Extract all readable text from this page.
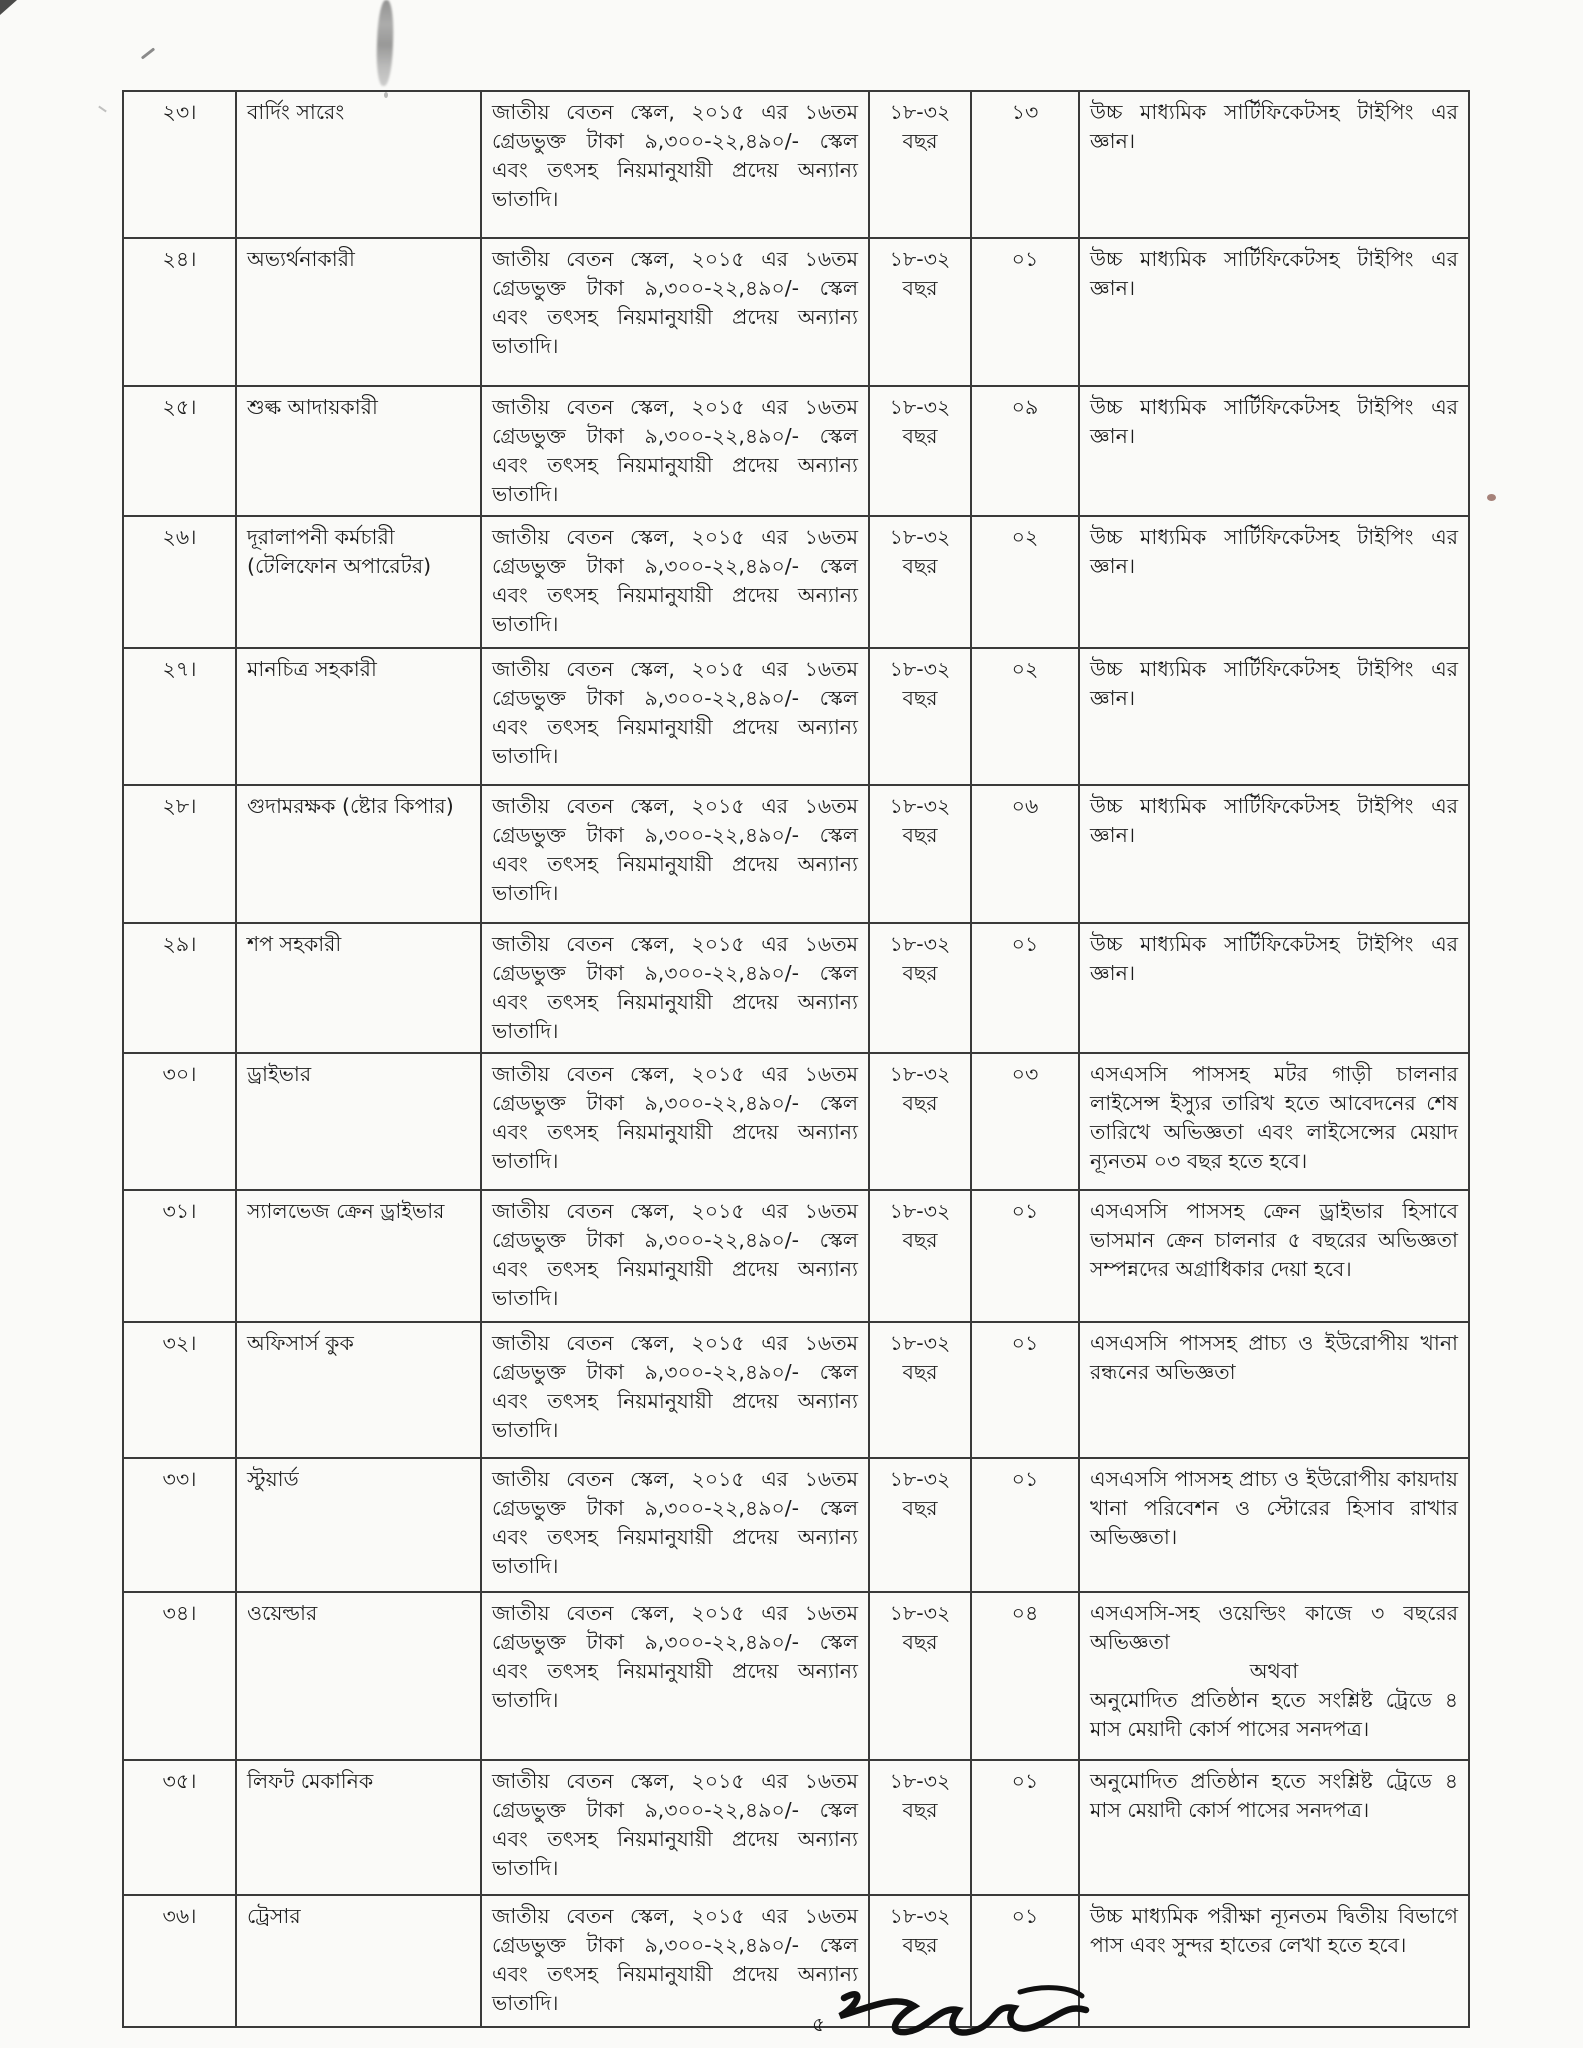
২৩।	বার্দিং সারেং	জাতীয় বেতন স্কেল, ২০১৫ এর ১৬তম গ্রেডভুক্ত টাকা ৯,৩০০-২২,৪৯০/- স্কেল এবং তৎসহ নিয়মানুযায়ী প্রদেয় অন্যান্য ভাতাদি।	১৮-৩২ বছর	১৩	উচ্চ মাধ্যমিক সার্টিফিকেটসহ টাইপিং এর জ্ঞান।

২৪।	অভ্যর্থনাকারী	জাতীয় বেতন স্কেল, ২০১৫ এর ১৬তম গ্রেডভুক্ত টাকা ৯,৩০০-২২,৪৯০/- স্কেল এবং তৎসহ নিয়মানুযায়ী প্রদেয় অন্যান্য ভাতাদি।	১৮-৩২ বছর	০১	উচ্চ মাধ্যমিক সার্টিফিকেটসহ টাইপিং এর জ্ঞান।

২৫।	শুল্ক আদায়কারী	জাতীয় বেতন স্কেল, ২০১৫ এর ১৬তম গ্রেডভুক্ত টাকা ৯,৩০০-২২,৪৯০/- স্কেল এবং তৎসহ নিয়মানুযায়ী প্রদেয় অন্যান্য ভাতাদি।	১৮-৩২ বছর	০৯	উচ্চ মাধ্যমিক সার্টিফিকেটসহ টাইপিং এর জ্ঞান।

২৬।	দূরালাপনী কর্মচারী (টেলিফোন অপারেটর)	জাতীয় বেতন স্কেল, ২০১৫ এর ১৬তম গ্রেডভুক্ত টাকা ৯,৩০০-২২,৪৯০/- স্কেল এবং তৎসহ নিয়মানুযায়ী প্রদেয় অন্যান্য ভাতাদি।	১৮-৩২ বছর	০২	উচ্চ মাধ্যমিক সার্টিফিকেটসহ টাইপিং এর জ্ঞান।

২৭।	মানচিত্র সহকারী	জাতীয় বেতন স্কেল, ২০১৫ এর ১৬তম গ্রেডভুক্ত টাকা ৯,৩০০-২২,৪৯০/- স্কেল এবং তৎসহ নিয়মানুযায়ী প্রদেয় অন্যান্য ভাতাদি।	১৮-৩২ বছর	০২	উচ্চ মাধ্যমিক সার্টিফিকেটসহ টাইপিং এর জ্ঞান।

২৮।	গুদামরক্ষক (ষ্টোর কিপার)	জাতীয় বেতন স্কেল, ২০১৫ এর ১৬তম গ্রেডভুক্ত টাকা ৯,৩০০-২২,৪৯০/- স্কেল এবং তৎসহ নিয়মানুযায়ী প্রদেয় অন্যান্য ভাতাদি।	১৮-৩২ বছর	০৬	উচ্চ মাধ্যমিক সার্টিফিকেটসহ টাইপিং এর জ্ঞান।

২৯।	শপ সহকারী	জাতীয় বেতন স্কেল, ২০১৫ এর ১৬তম গ্রেডভুক্ত টাকা ৯,৩০০-২২,৪৯০/- স্কেল এবং তৎসহ নিয়মানুযায়ী প্রদেয় অন্যান্য ভাতাদি।	১৮-৩২ বছর	০১	উচ্চ মাধ্যমিক সার্টিফিকেটসহ টাইপিং এর জ্ঞান।

৩০।	ড্রাইভার	জাতীয় বেতন স্কেল, ২০১৫ এর ১৬তম গ্রেডভুক্ত টাকা ৯,৩০০-২২,৪৯০/- স্কেল এবং তৎসহ নিয়মানুযায়ী প্রদেয় অন্যান্য ভাতাদি।	১৮-৩২ বছর	০৩	এসএসসি পাসসহ মটর গাড়ী চালনার লাইসেন্স ইস্যুর তারিখ হতে আবেদনের শেষ তারিখে অভিজ্ঞতা এবং লাইসেন্সের মেয়াদ ন্যূনতম ০৩ বছর হতে হবে।

৩১।	স্যালভেজ ক্রেন ড্রাইভার	জাতীয় বেতন স্কেল, ২০১৫ এর ১৬তম গ্রেডভুক্ত টাকা ৯,৩০০-২২,৪৯০/- স্কেল এবং তৎসহ নিয়মানুযায়ী প্রদেয় অন্যান্য ভাতাদি।	১৮-৩২ বছর	০১	এসএসসি পাসসহ ক্রেন ড্রাইভার হিসাবে ভাসমান ক্রেন চালনার ৫ বছরের অভিজ্ঞতা সম্পন্নদের অগ্রাধিকার দেয়া হবে।

৩২।	অফিসার্স কুক	জাতীয় বেতন স্কেল, ২০১৫ এর ১৬তম গ্রেডভুক্ত টাকা ৯,৩০০-২২,৪৯০/- স্কেল এবং তৎসহ নিয়মানুযায়ী প্রদেয় অন্যান্য ভাতাদি।	১৮-৩২ বছর	০১	এসএসসি পাসসহ প্রাচ্য ও ইউরোপীয় খানা রন্ধনের অভিজ্ঞতা

৩৩।	স্টুয়ার্ড	জাতীয় বেতন স্কেল, ২০১৫ এর ১৬তম গ্রেডভুক্ত টাকা ৯,৩০০-২২,৪৯০/- স্কেল এবং তৎসহ নিয়মানুযায়ী প্রদেয় অন্যান্য ভাতাদি।	১৮-৩২ বছর	০১	এসএসসি পাসসহ প্রাচ্য ও ইউরোপীয় কায়দায় খানা পরিবেশন ও স্টোরের হিসাব রাখার অভিজ্ঞতা।

৩৪।	ওয়েল্ডার	জাতীয় বেতন স্কেল, ২০১৫ এর ১৬তম গ্রেডভুক্ত টাকা ৯,৩০০-২২,৪৯০/- স্কেল এবং তৎসহ নিয়মানুযায়ী প্রদেয় অন্যান্য ভাতাদি।	১৮-৩২ বছর	০৪	এসএসসি-সহ ওয়েল্ডিং কাজে ৩ বছরের অভিজ্ঞতা
অথবা
অনুমোদিত প্রতিষ্ঠান হতে সংশ্লিষ্ট ট্রেডে ৪ মাস মেয়াদী কোর্স পাসের সনদপত্র।

৩৫।	লিফট মেকানিক	জাতীয় বেতন স্কেল, ২০১৫ এর ১৬তম গ্রেডভুক্ত টাকা ৯,৩০০-২২,৪৯০/- স্কেল এবং তৎসহ নিয়মানুযায়ী প্রদেয় অন্যান্য ভাতাদি।	১৮-৩২ বছর	০১	অনুমোদিত প্রতিষ্ঠান হতে সংশ্লিষ্ট ট্রেডে ৪ মাস মেয়াদী কোর্স পাসের সনদপত্র।

৩৬।	ট্রেসার	জাতীয় বেতন স্কেল, ২০১৫ এর ১৬তম গ্রেডভুক্ত টাকা ৯,৩০০-২২,৪৯০/- স্কেল এবং তৎসহ নিয়মানুযায়ী প্রদেয় অন্যান্য ভাতাদি।	১৮-৩২ বছর	০১	উচ্চ মাধ্যমিক পরীক্ষা ন্যূনতম দ্বিতীয় বিভাগে পাস এবং সুন্দর হাতের লেখা হতে হবে।
৫
